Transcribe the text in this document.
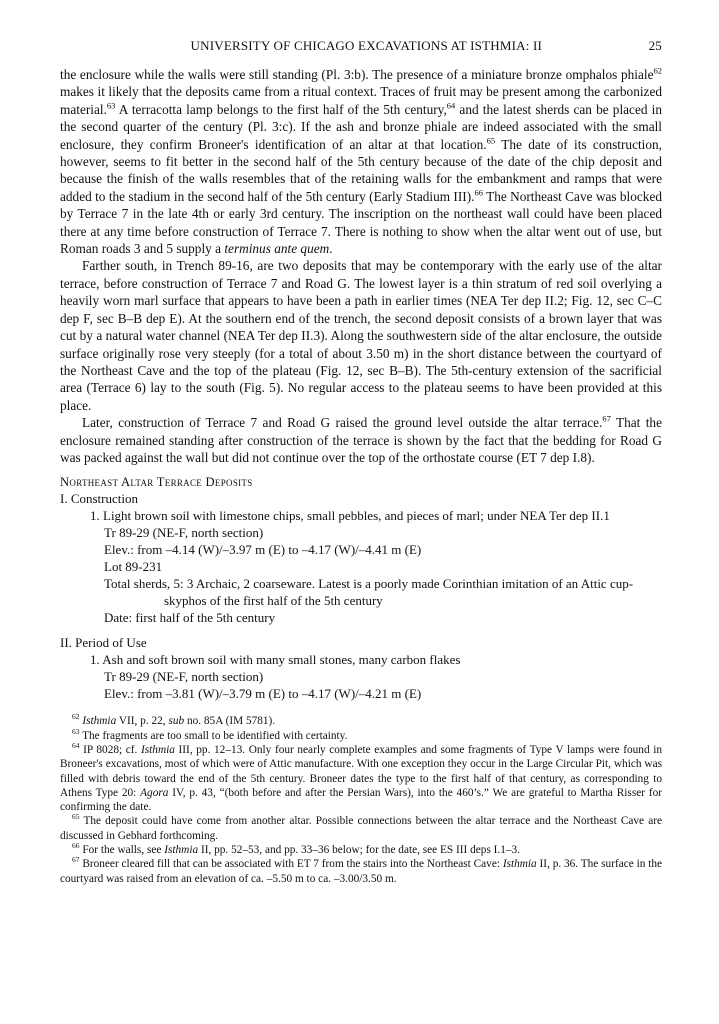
UNIVERSITY OF CHICAGO EXCAVATIONS AT ISTHMIA: II	25

the enclosure while the walls were still standing (Pl. 3:b). The presence of a miniature bronze omphalos phiale$^{62}$ makes it likely that the deposits came from a ritual context. Traces of fruit may be present among the carbonized material.$^{63}$ A terracotta lamp belongs to the first half of the 5th century,$^{64}$ and the latest sherds can be placed in the second quarter of the century (Pl. 3:c). If the ash and bronze phiale are indeed associated with the small enclosure, they confirm Broneer's identification of an altar at that location.$^{65}$ The date of its construction, however, seems to fit better in the second half of the 5th century because of the date of the chip deposit and because the finish of the walls resembles that of the retaining walls for the embankment and ramps that were added to the stadium in the second half of the 5th century (Early Stadium III).$^{66}$ The Northeast Cave was blocked by Terrace 7 in the late 4th or early 3rd century. The inscription on the northeast wall could have been placed there at any time before construction of Terrace 7. There is nothing to show when the altar went out of use, but Roman roads 3 and 5 supply a terminus ante quem.

Farther south, in Trench 89-16, are two deposits that may be contemporary with the early use of the altar terrace, before construction of Terrace 7 and Road G. The lowest layer is a thin stratum of red soil overlying a heavily worn marl surface that appears to have been a path in earlier times (NEA Ter dep II.2; Fig. 12, sec C–C dep F, sec B–B dep E). At the southern end of the trench, the second deposit consists of a brown layer that was cut by a natural water channel (NEA Ter dep II.3). Along the southwestern side of the altar enclosure, the outside surface originally rose very steeply (for a total of about 3.50 m) in the short distance between the courtyard of the Northeast Cave and the top of the plateau (Fig. 12, sec B–B). The 5th-century extension of the sacrificial area (Terrace 6) lay to the south (Fig. 5). No regular access to the plateau seems to have been provided at this place.

Later, construction of Terrace 7 and Road G raised the ground level outside the altar terrace.$^{67}$ That the enclosure remained standing after construction of the terrace is shown by the fact that the bedding for Road G was packed against the wall but did not continue over the top of the orthostate course (ET 7 dep I.8).

Northeast Altar Terrace Deposits
I. Construction
1. Light brown soil with limestone chips, small pebbles, and pieces of marl; under NEA Ter dep II.1
Tr 89-29 (NE-F, north section)
Elev.: from –4.14 (W)/–3.97 m (E) to –4.17 (W)/–4.41 m (E)
Lot 89-231
Total sherds, 5: 3 Archaic, 2 coarseware. Latest is a poorly made Corinthian imitation of an Attic cup-skyphos of the first half of the 5th century
Date: first half of the 5th century
II. Period of Use
1. Ash and soft brown soil with many small stones, many carbon flakes
Tr 89-29 (NE-F, north section)
Elev.: from –3.81 (W)/–3.79 m (E) to –4.17 (W)/–4.21 m (E)

$^{62}$ Isthmia VII, p. 22, sub no. 85A (IM 5781).

$^{63}$ The fragments are too small to be identified with certainty.

$^{64}$ IP 8028; cf. Isthmia III, pp. 12–13. Only four nearly complete examples and some fragments of Type V lamps were found in Broneer's excavations, most of which were of Attic manufacture. With one exception they occur in the Large Circular Pit, which was filled with debris toward the end of the 5th century. Broneer dates the type to the first half of that century, as corresponding to Athens Type 20: Agora IV, p. 43, “(both before and after the Persian Wars), into the 460’s.” We are grateful to Martha Risser for confirming the date.

$^{65}$ The deposit could have come from another altar. Possible connections between the altar terrace and the Northeast Cave are discussed in Gebhard forthcoming.

$^{66}$ For the walls, see Isthmia II, pp. 52–53, and pp. 33–36 below; for the date, see ES III deps I.1–3.

$^{67}$ Broneer cleared fill that can be associated with ET 7 from the stairs into the Northeast Cave: Isthmia II, p. 36. The surface in the courtyard was raised from an elevation of ca. –5.50 m to ca. –3.00/3.50 m.
